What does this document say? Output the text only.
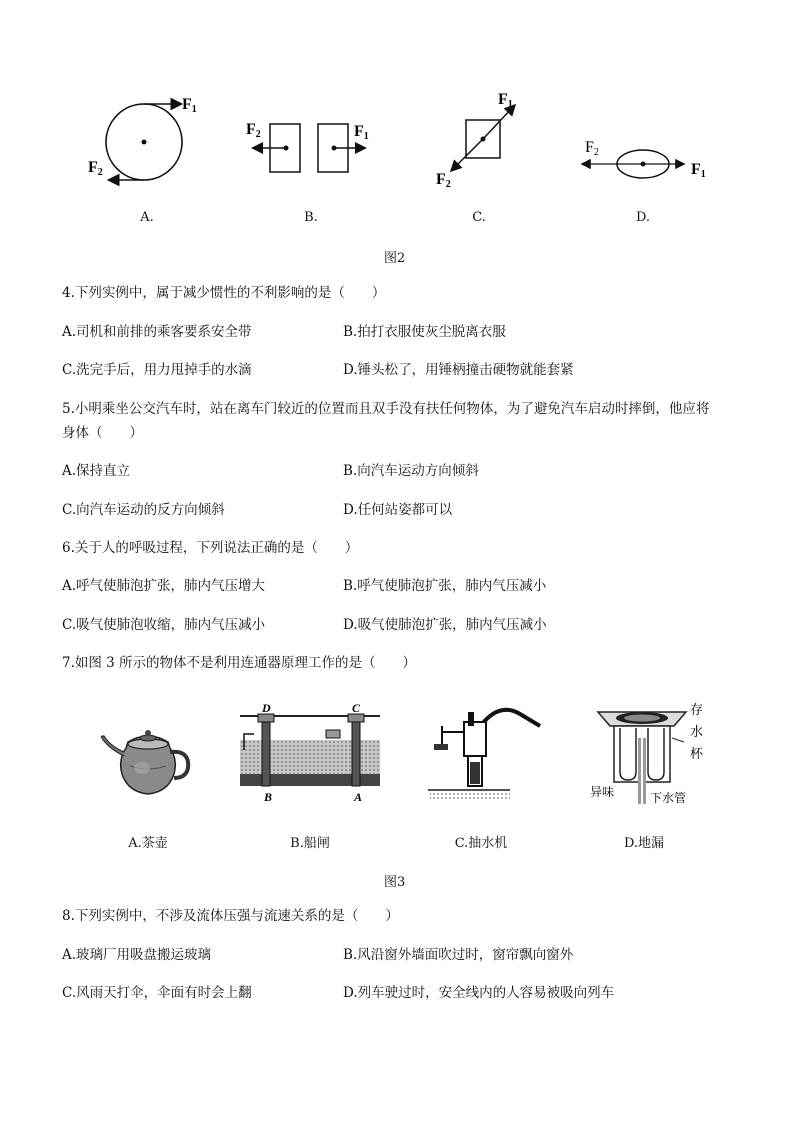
F1
F2
F2	F1
F1
F2
F2
F1
A.	B.	C.	D.
图2
4.下列实例中，属于减少惯性的不利影响的是（　　）
A.司机和前排的乘客要系安全带	B.拍打衣服使灰尘脱离衣服
C.洗完手后，用力甩掉手的水滴	D.锤头松了，用锤柄撞击硬物就能套紧
5.小明乘坐公交汽车时，站在离车门较近的位置而且双手没有扶任何物体，为了避免汽车启动时摔倒，他应将
身体（　　）
A.保持直立	B.向汽车运动方向倾斜
C.向汽车运动的反方向倾斜	D.任何站姿都可以
6.关于人的呼吸过程，下列说法正确的是（　　）
A.呼气使肺泡扩张，肺内气压增大	B.呼气使肺泡扩张，肺内气压减小
C.吸气使肺泡收缩，肺内气压减小	D.吸气使肺泡扩张，肺内气压减小
7.如图 3 所示的物体不是利用连通器原理工作的是（　　）
D	C
B	A
存
水
杯
异味	下水管
A.茶壶	B.船闸	C.抽水机	D.地漏
图3
8.下列实例中，不涉及流体压强与流速关系的是（　　）
A.玻璃厂用吸盘搬运玻璃	B.风沿窗外墙面吹过时，窗帘飘向窗外
C.风雨天打伞，伞面有时会上翻	D.列车驶过时，安全线内的人容易被吸向列车
